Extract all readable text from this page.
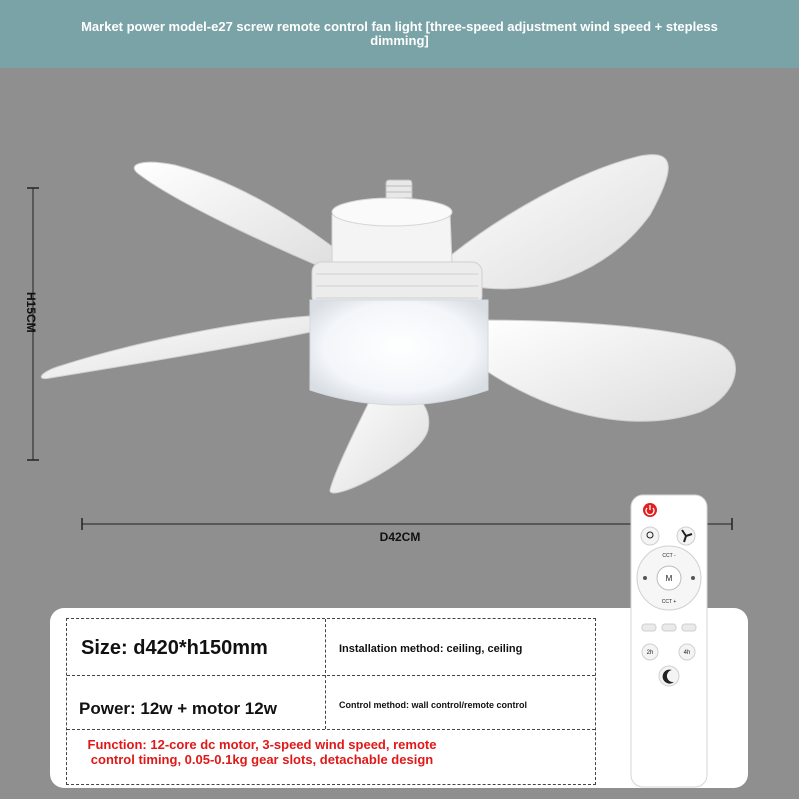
Market power model-e27 screw remote control fan light [three-speed adjustment wind speed + stepless dimming]
H15CM
D42CM
Size: d420*h150mm	Installation method: ceiling, ceiling
Power: 12w + motor 12w	Control method: wall control/remote control
Function: 12-core dc motor, 3-speed wind speed, remote control timing, 0.05-0.1kg gear slots, detachable design
CCT -
CCT +
M
2h	4h
